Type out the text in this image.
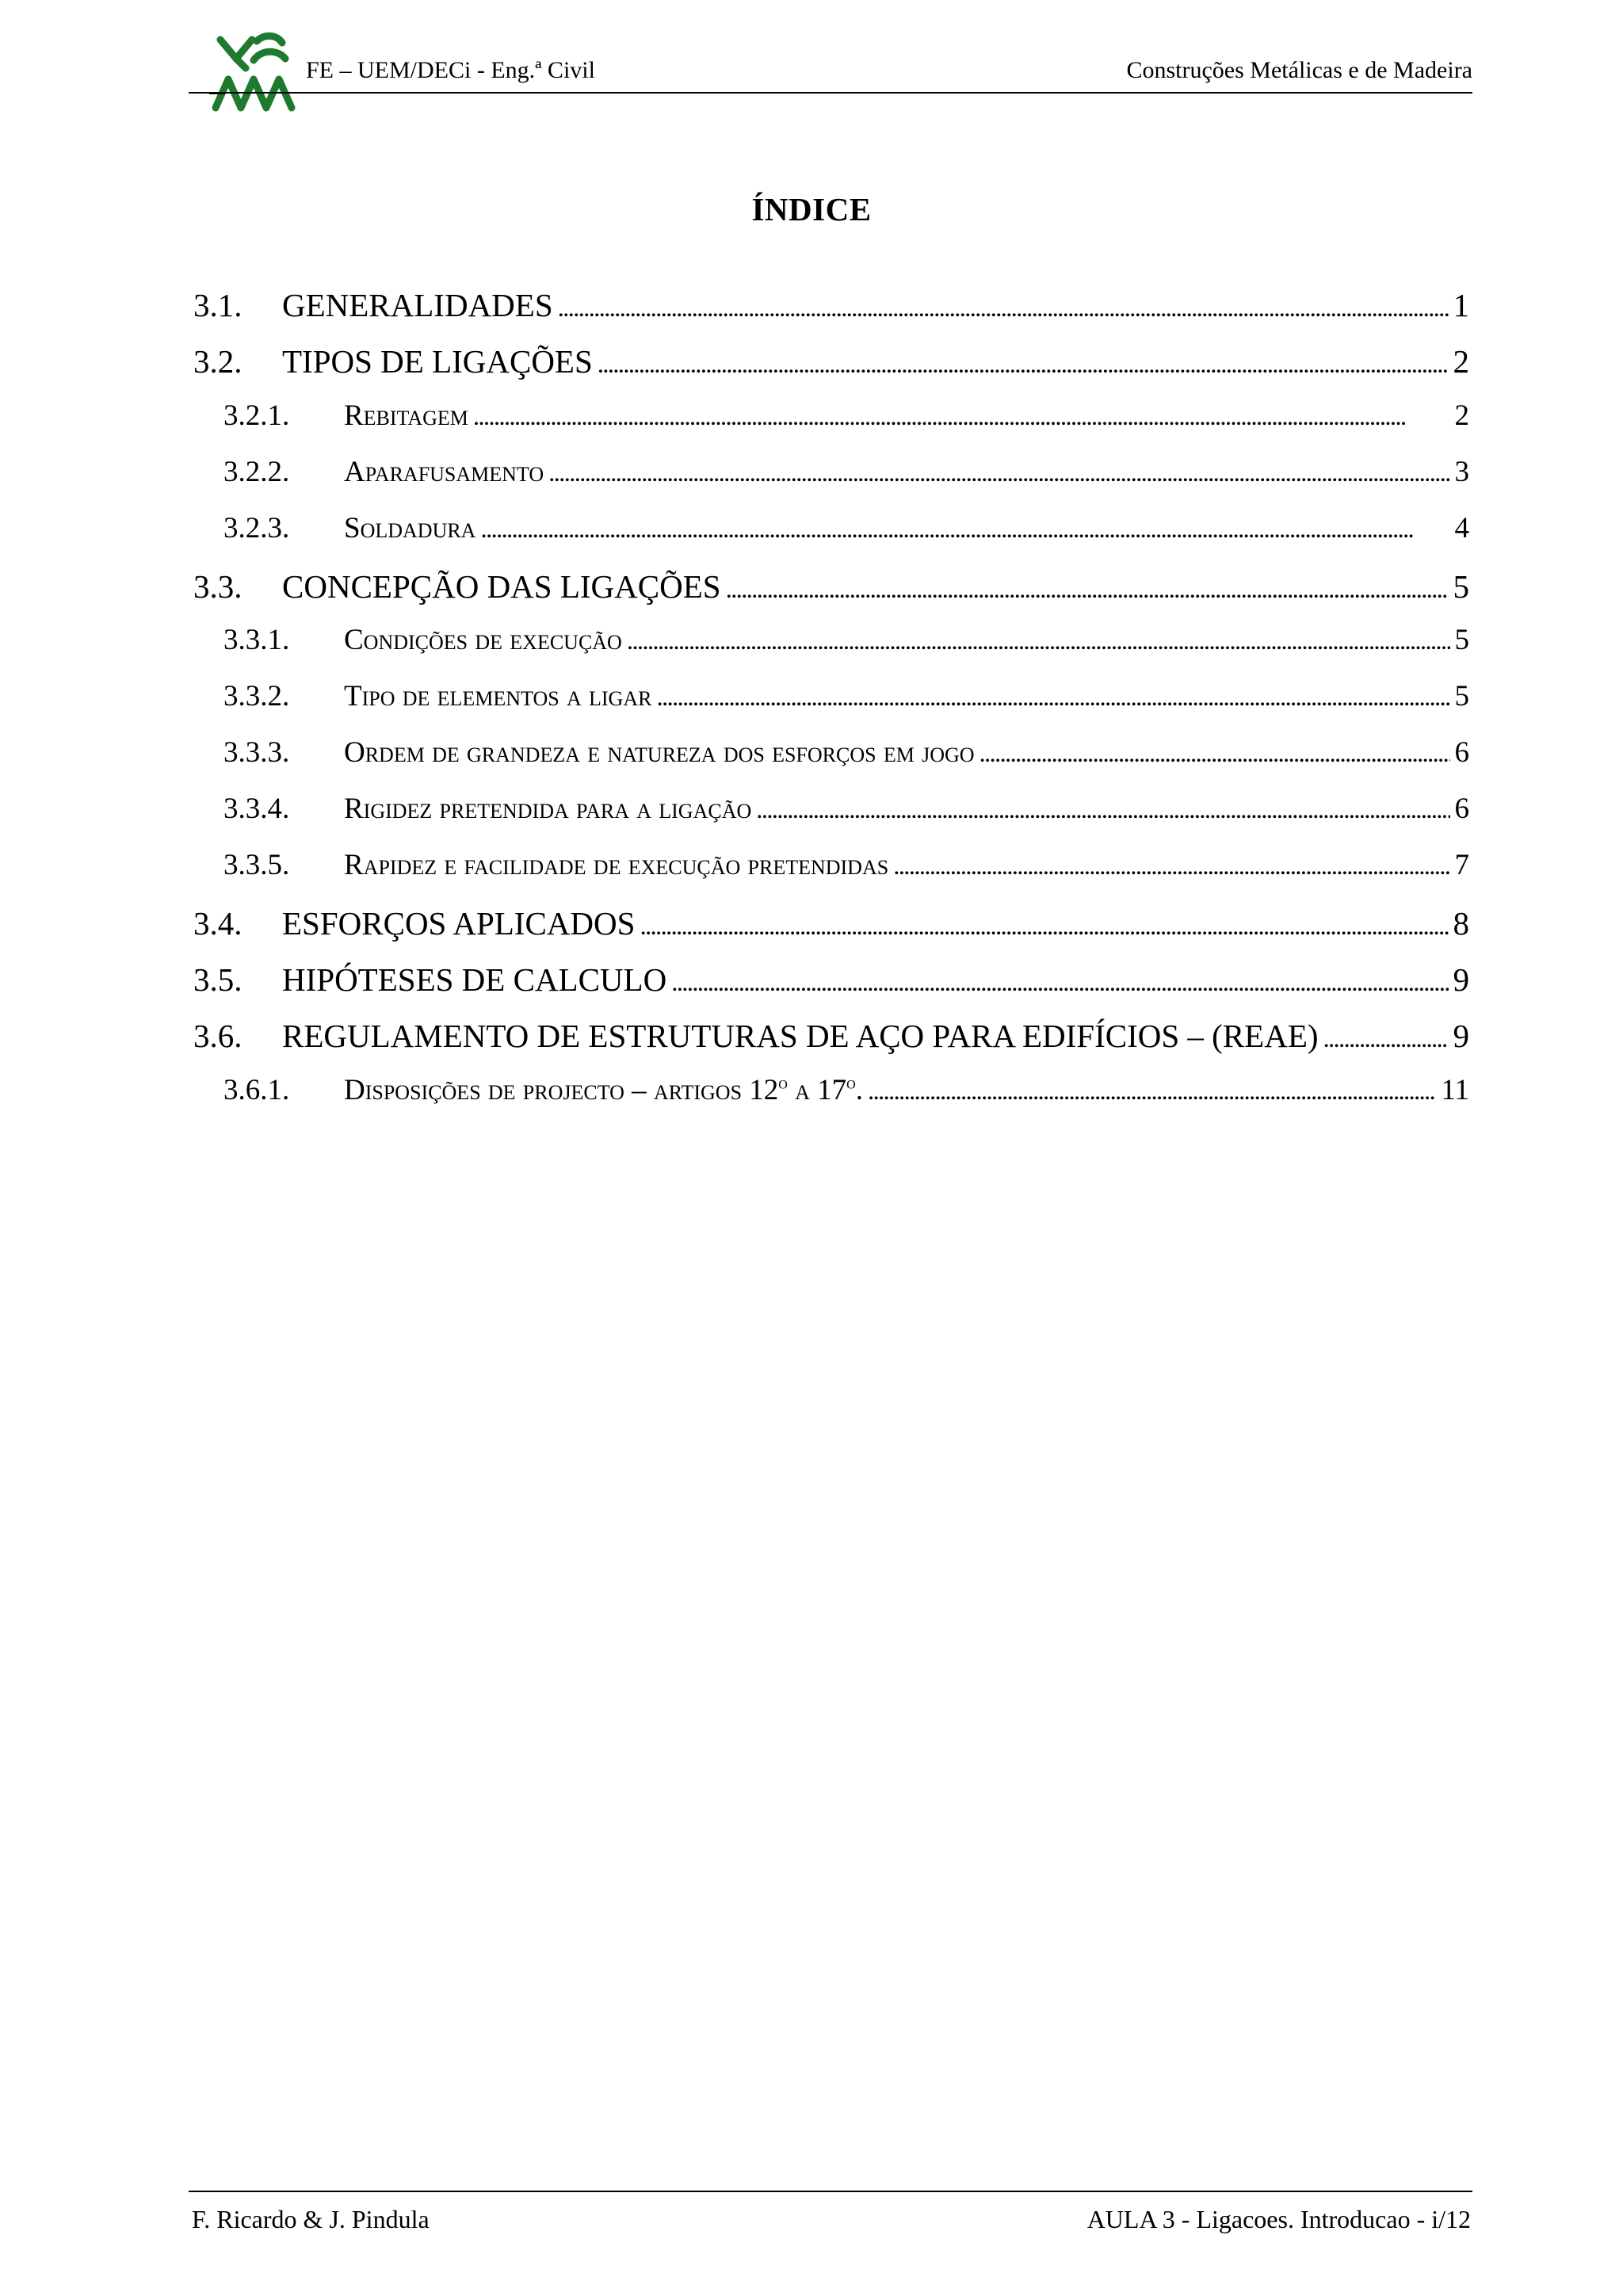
FE – UEM/DECi - Eng.ª Civil	Construções Metálicas e de Madeira
ÍNDICE
3.1.	GENERALIDADES . . .	1
3.2.	TIPOS DE LIGAÇÕES . . .	2
3.2.1.	Rebitagem . . .	2
3.2.2.	Aparafusamento . . .	3
3.2.3.	Soldadura . . .	4
3.3.	CONCEPÇÃO DAS LIGAÇÕES . . .	5
3.3.1.	Condições de execução . . .	5
3.3.2.	Tipo de elementos a ligar . . .	5
3.3.3.	Ordem de grandeza e natureza dos esforços em jogo . . .	6
3.3.4.	Rigidez pretendida para a ligação . . .	6
3.3.5.	Rapidez e facilidade de execução pretendidas . . .	7
3.4.	ESFORÇOS APLICADOS . . .	8
3.5.	HIPÓTESES DE CALCULO . . .	9
3.6.	REGULAMENTO DE ESTRUTURAS DE AÇO PARA EDIFÍCIOS – (REAE) . . .	9
3.6.1.	Disposições de projecto – artigos 12$^o$ a 17$^o$. . . .	11
F. Ricardo & J. Pindula	AULA 3 - Ligacoes. Introducao - i/12
